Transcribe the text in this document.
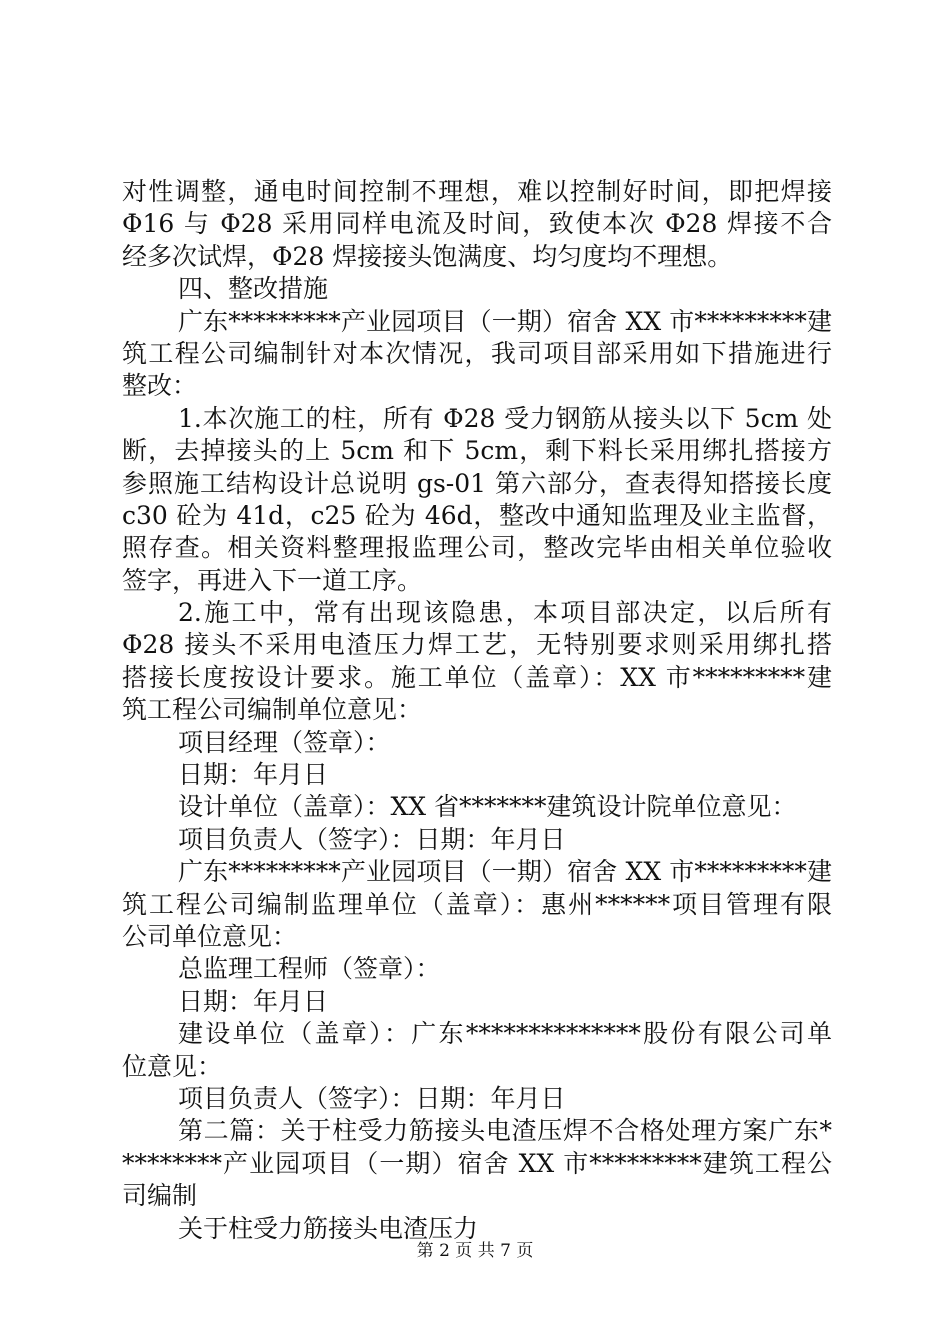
对性调整，通电时间控制不理想，难以控制好时间，即把焊接
Φ16 与 Φ28 采用同样电流及时间，致使本次 Φ28 焊接不合
经多次试焊，Φ28 焊接接头饱满度、均匀度均不理想。
四、整改措施
广东*********产业园项目（一期）宿舍 XX 市*********建
筑工程公司编制针对本次情况，我司项目部采用如下措施进行
整改：
1.本次施工的柱，所有 Φ28 受力钢筋从接头以下 5cm 处
断，去掉接头的上 5cm 和下 5cm，剩下料长采用绑扎搭接方
参照施工结构设计总说明 gs-01 第六部分，查表得知搭接长度
c30 砼为 41d，c25 砼为 46d，整改中通知监理及业主监督，
照存查。相关资料整理报监理公司，整改完毕由相关单位验收
签字，再进入下一道工序。
2.施工中，常有出现该隐患，本项目部决定，以后所有
Φ28 接头不采用电渣压力焊工艺，无特别要求则采用绑扎搭
搭接长度按设计要求。施工单位（盖章）：XX 市*********建
筑工程公司编制单位意见：
项目经理（签章）：
日期：年月日
设计单位（盖章）：XX 省*******建筑设计院单位意见：
项目负责人（签字）：日期：年月日
广东*********产业园项目（一期）宿舍 XX 市*********建
筑工程公司编制监理单位（盖章）：惠州******项目管理有限
公司单位意见：
总监理工程师（签章）：
日期：年月日
建设单位（盖章）：广东**************股份有限公司单
位意见：
项目负责人（签字）：日期：年月日
第二篇：关于柱受力筋接头电渣压焊不合格处理方案广东*
********产业园项目（一期）宿舍 XX 市*********建筑工程公
司编制
关于柱受力筋接头电渣压力
第 2 页 共 7 页
